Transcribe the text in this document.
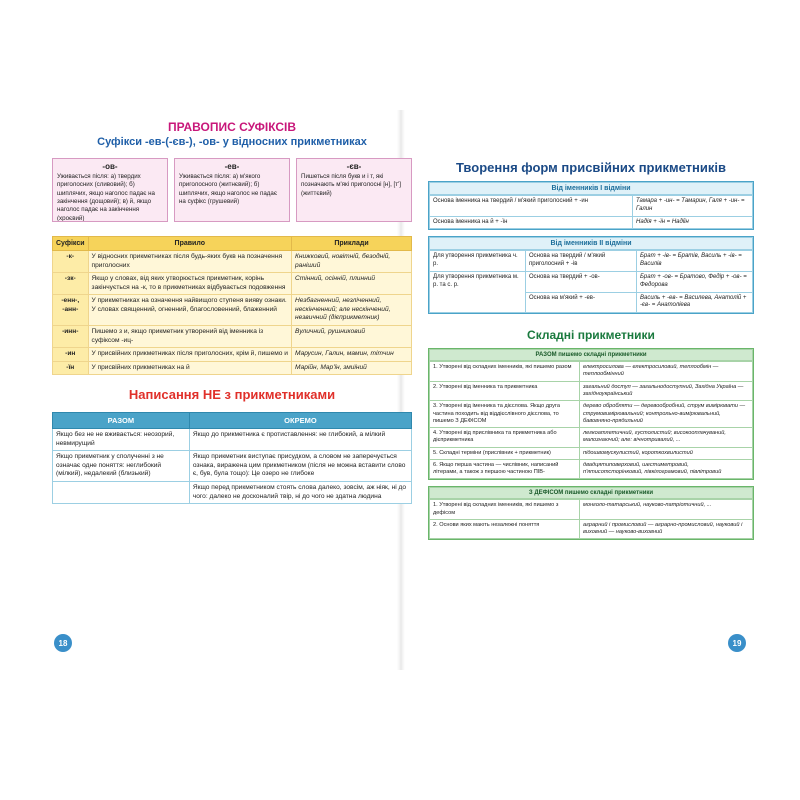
ПРАВОПИС СУФІКСІВ
Суфікси -ев-(-єв-), -ов- у відносних прикметниках
-ов-
Уживається після: а) твердих приголосних (сливовий); б) шиплячих, якщо наголос падає на закінчення (дощовий); в) й, якщо наголос падає на закінчення (хроєвий)
-ев-
Уживається після: а) м'якого приголосного (житнєвий); б) шиплячих, якщо наголос не падає на суфікс (грушевий)
-єв-
Пишеться після букв и і т, які позначають м'які приголосні [н], [т'] (життєвий)
Суфікси	Правило	Приклади
-к-	У відносних прикметниках після будь-яких букв на позначення приголосних	Книжковий, новітній, безодній, раніший
-зк-	Якщо у словах, від яких утворюється прикметник, корінь закінчується на -к, то в прикметниках відбувається подовження	Стінний, осінній, плинний
-енн-, -анн-	У прикметниках на означення найвищого ступеня вияву ознаки. У словах священний, огненний, благословенний, блаженний	Незбагненний, незліченний, нескінченний; але нескінчений, незвичний (дієприкметник)
-инн-	Пишемо з и, якщо прикметник утворений від іменника із суфіксом -иц-	Вуличний, рушниковий
-ин	У присвійних прикметниках після приголосних, крім й, пишемо и	Марусин, Галин, мамин, тітчин
-їн	У присвійних прикметниках на й	Марійн, Мар'їн, змиїний
Написання НЕ з прикметниками
РАЗОМ	ОКРЕМО
Якщо без не не вживається: неозорий, невмирущий	Якщо до прикметника є протиставлення: не глибокий, а мілкий
Якщо прикметник у сполученні з не означає одне поняття: неглибокий (мілкий), недалекий (близький)	Якщо прикметник виступає присудком, а словом не заперечується ознака, виражена цим прикметником (після не можна вставити слово є, був, була тощо): Це озеро не глибоке
	Якщо перед прикметником стоять слова далеко, зовсім, аж ніяк, ні до чого: далеко не досконалий твір, ні до чого не здатна людина
18
Творення форм присвійних прикметників
Від іменників І відміни
Основа іменника на твердий / м'який приголосний + -ин	Тамара + -ин- = Тамарин, Галя + -ин- = Галин
Основа іменника на й + -їн	Надія + -їн = Надіїн
Від іменників ІІ відміни
Для утворення прикметника ч. р.	Основа на твердий / м'який приголосний + -ів	Брат + -ів- = Братів, Василь + -ів- = Василів
Для утворення прикметника м. р. та с. р.	Основа на твердий + -ов-	Брат + -ов- = Братово, Федір + -ов- = Федорова
	Основа на м'який + -ев-	Василь + -ев- = Василева, Анатолій + -єв- = Анатоліева
Складні прикметники
РАЗОМ пишемо складні прикметники
1. Утворені від складних іменників, які пишемо разом	електросилова — електросиловий, теплообмін — теплообмінний
2. Утворені від іменника та прикметника	загальний доступ — загальнодоступний, Західна Україна — західноукраїнський
3. Утворені від іменника та дієслова. Якщо друга частина походить від віддієслівного дієслова, то пишемо З ДЕФІСОМ	дерево обробляти — деревообробний, струм вимірювати — струмовимірювальний; контрольно-вимірювальний, бавовняно-прядильний
4. Утворені від прислівника та прикметника або дієприкметника	легкоатлетичний, густолистий; високооплачуваний, малознаючий; але: вічнотривалий, ...
5. Складні терміни (прислівник + прикметник)	підошвомускулистий, короткохвилистий
6. Якщо перша частина — числівник, написаний літерами, а також з першою частиною ПІВ-	двадцятиповерховий, шестиметровий, п'ятисотсторінковий, півкілограмовий, півлітровий
З ДЕФІСОМ пишемо складні прикметники
1. Утворені від складних іменників, які пишемо з дефісом	монголо-татарський, науково-патріотичний, ...
2. Основи яких мають незалежні поняття	аграрний і промисловий — аграрно-промисловий, науковий і виховний — науково-виховний
19
